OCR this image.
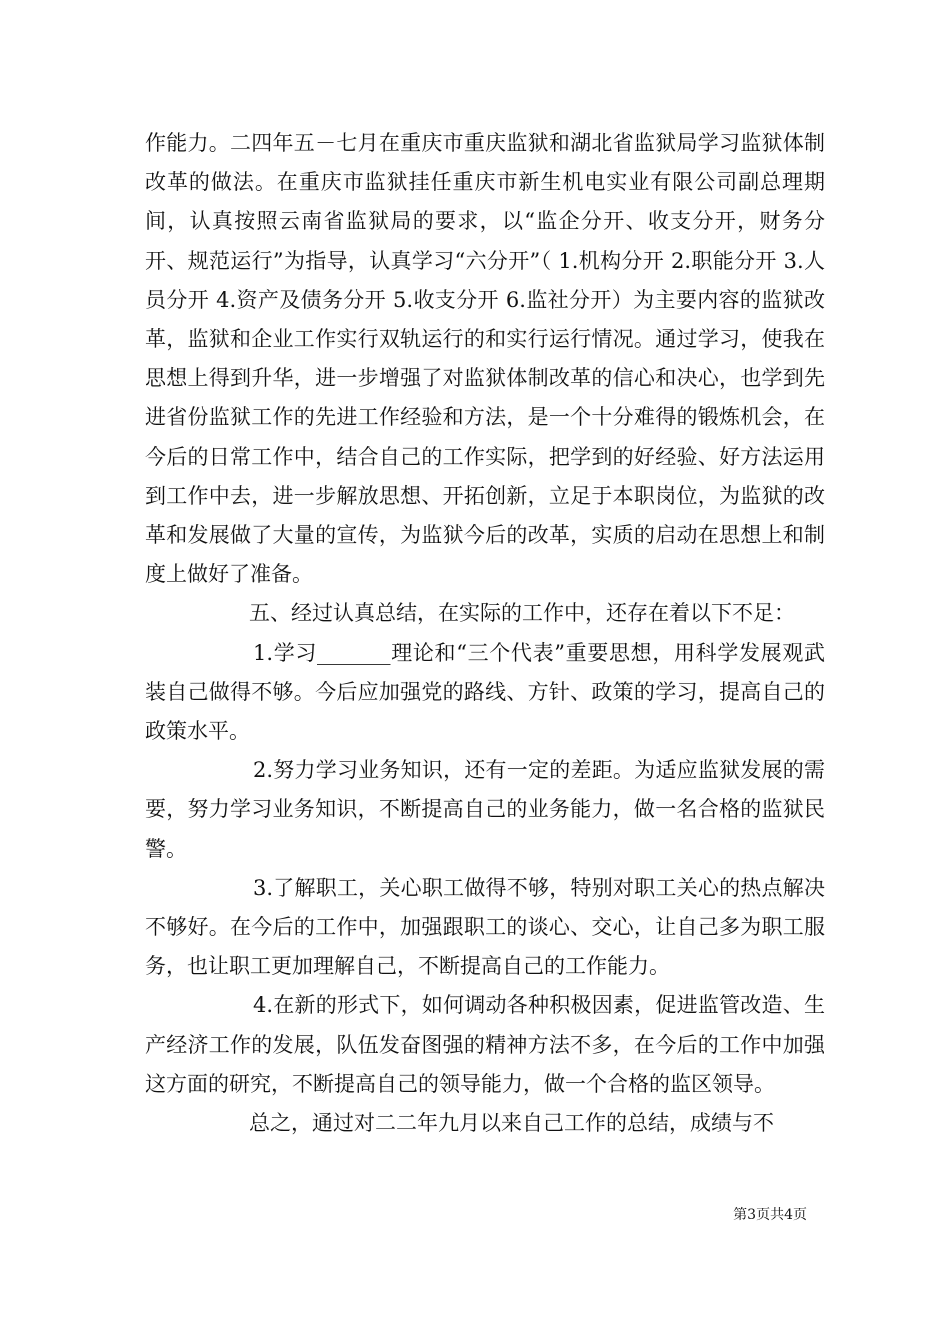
作能力。二四年五－七月在重庆市重庆监狱和湖北省监狱局学习监狱体制改革的做法。在重庆市监狱挂任重庆市新生机电实业有限公司副总理期间，认真按照云南省监狱局的要求，以“监企分开、收支分开，财务分开、规范运行”为指导，认真学习“六分开”（ 1.机构分开 2.职能分开 3.人员分开 4.资产及债务分开 5.收支分开 6.监社分开）为主要内容的监狱改革，监狱和企业工作实行双轨运行的和实行运行情况。通过学习，使我在思想上得到升华，进一步增强了对监狱体制改革的信心和决心，也学到先进省份监狱工作的先进工作经验和方法，是一个十分难得的锻炼机会，在今后的日常工作中，结合自己的工作实际，把学到的好经验、好方法运用到工作中去，进一步解放思想、开拓创新，立足于本职岗位，为监狱的改革和发展做了大量的宣传，为监狱今后的改革，实质的启动在思想上和制度上做好了准备。

五、经过认真总结，在实际的工作中，还存在着以下不足：

1.学习_______理论和“三个代表”重要思想，用科学发展观武装自己做得不够。今后应加强党的路线、方针、政策的学习，提高自己的政策水平。

2.努力学习业务知识，还有一定的差距。为适应监狱发展的需要，努力学习业务知识，不断提高自己的业务能力，做一名合格的监狱民警。

3.了解职工，关心职工做得不够，特别对职工关心的热点解决不够好。在今后的工作中，加强跟职工的谈心、交心，让自己多为职工服务，也让职工更加理解自己，不断提高自己的工作能力。

4.在新的形式下，如何调动各种积极因素，促进监管改造、生产经济工作的发展，队伍发奋图强的精神方法不多，在今后的工作中加强这方面的研究，不断提高自己的领导能力，做一个合格的监区领导。

总之，通过对二二年九月以来自己工作的总结，成绩与不

第3页共4页
